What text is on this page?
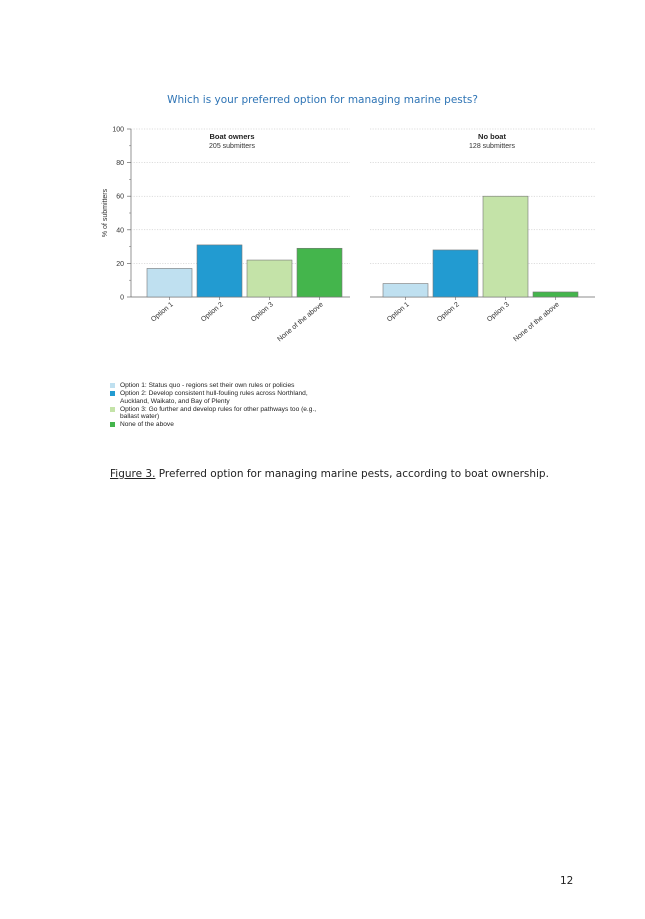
Which is your preferred option for managing marine pests?
0
20
40
60
80
100
% of submitters
Boat owners
205 submitters
Option 1	Option 2	Option 3 None of the above
No boat
128 submitters
Option 1	Option 2	Option 3 None of the above
Option 1: Status quo - regions set their own rules or policies
Option 2: Develop consistent hull-fouling rules across Northland, Auckland, Waikato, and Bay of Plenty
Option 3: Go further and develop rules for other pathways too (e.g., ballast water)
None of the above
Figure 3. Preferred option for managing marine pests, according to boat ownership.
12
